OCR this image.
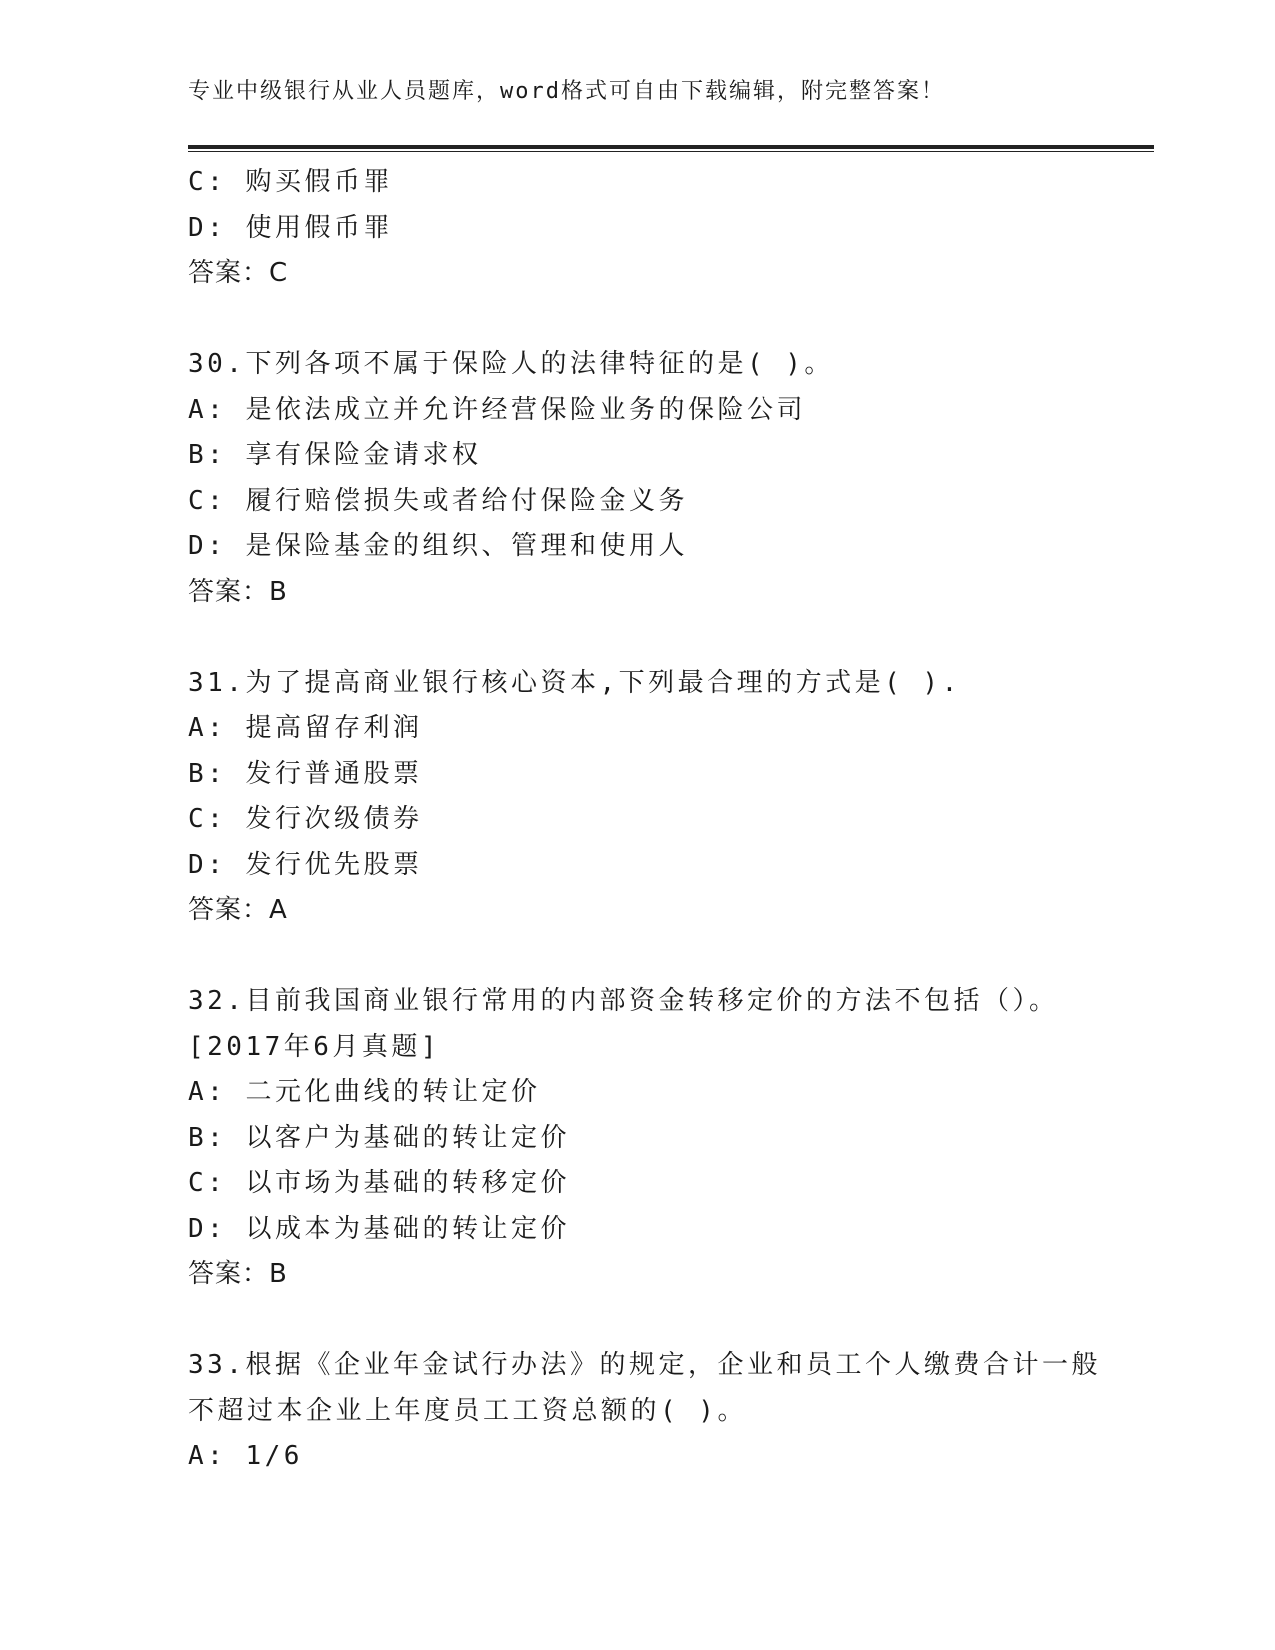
专业中级银行从业人员题库，word格式可自由下载编辑，附完整答案！
C: 购买假币罪
D: 使用假币罪
答案：C
30.下列各项不属于保险人的法律特征的是( )。
A: 是依法成立并允许经营保险业务的保险公司
B: 享有保险金请求权
C: 履行赔偿损失或者给付保险金义务
D: 是保险基金的组织、管理和使用人
答案：B
31.为了提高商业银行核心资本,下列最合理的方式是( ).
A: 提高留存利润
B: 发行普通股票
C: 发行次级债券
D: 发行优先股票
答案：A
32.目前我国商业银行常用的内部资金转移定价的方法不包括（）。
[2017年6月真题]
A: 二元化曲线的转让定价
B: 以客户为基础的转让定价
C: 以市场为基础的转移定价
D: 以成本为基础的转让定价
答案：B
33.根据《企业年金试行办法》的规定，企业和员工个人缴费合计一般
不超过本企业上年度员工工资总额的( )。
A: 1/6
